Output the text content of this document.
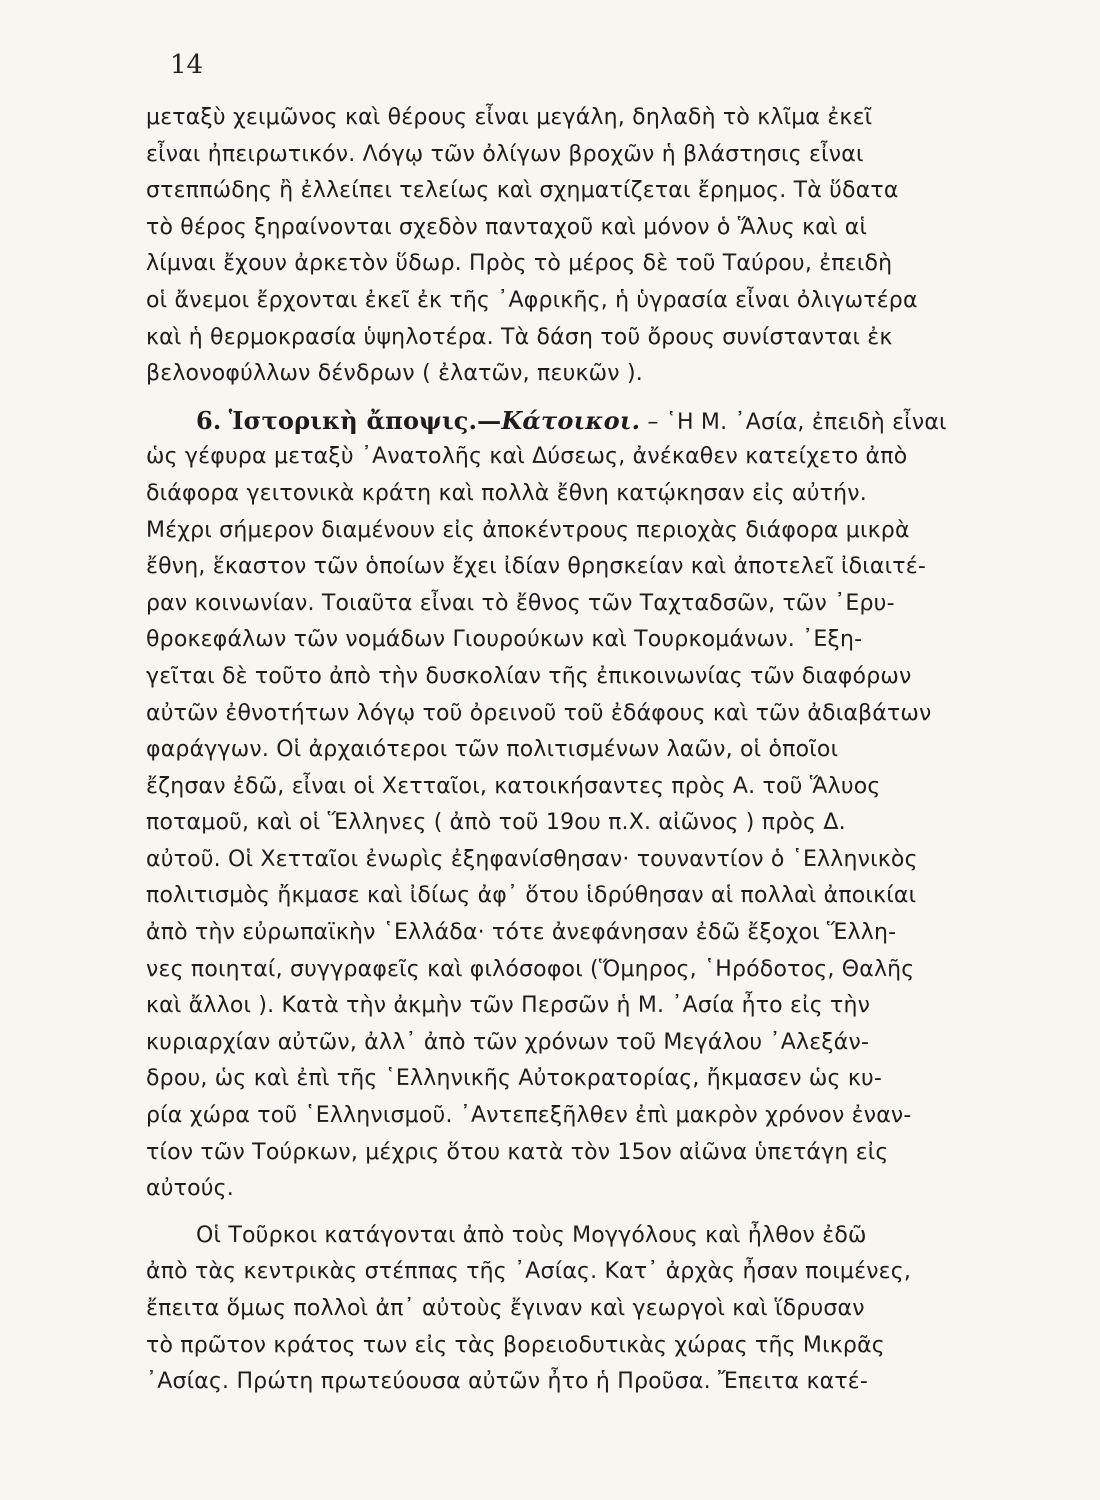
14
μεταξὺ χειμῶνος καὶ θέρους εἶναι μεγάλη, δηλαδὴ τὸ κλῖμα ἐκεῖ
εἶναι ἠπειρωτικόν. Λόγῳ τῶν ὀλίγων βροχῶν ἡ βλάστησις εἶναι
στεππώδης ἢ ἐλλείπει τελείως καὶ σχηματίζεται ἔρημος. Τὰ ὕδατα
τὸ θέρος ξηραίνονται σχεδὸν πανταχοῦ καὶ μόνον ὁ Ἅλυς καὶ αἱ
λίμναι ἔχουν ἀρκετὸν ὕδωρ. Πρὸς τὸ μέρος δὲ τοῦ Ταύρου, ἐπειδὴ
οἱ ἄνεμοι ἔρχονται ἐκεῖ ἐκ τῆς ᾿Αφρικῆς, ἡ ὑγρασία εἶναι ὀλιγωτέρα
καὶ ἡ θερμοκρασία ὑψηλοτέρα. Τὰ δάση τοῦ ὄρους συνίστανται ἐκ
βελονοφύλλων δένδρων ( ἐλατῶν, πευκῶν ).
6. Ἱστορικὴ ἄποψις.—Κάτοικοι. – ῾Η Μ. ᾿Ασία, ἐπειδὴ εἶναι
ὡς γέφυρα μεταξὺ ᾿Ανατολῆς καὶ Δύσεως, ἀνέκαθεν κατείχετο ἀπὸ
διάφορα γειτονικὰ κράτη καὶ πολλὰ ἔθνη κατῴκησαν εἰς αὐτήν.
Μέχρι σήμερον διαμένουν εἰς ἀποκέντρους περιοχὰς διάφορα μικρὰ
ἔθνη, ἕκαστον τῶν ὁποίων ἔχει ἰδίαν θρησκείαν καὶ ἀποτελεῖ ἰδιαιτέ-
ραν κοινωνίαν. Τοιαῦτα εἶναι τὸ ἔθνος τῶν Ταχταδσῶν, τῶν ᾿Ερυ-
θροκεφάλων τῶν νομάδων Γιουρούκων καὶ Τουρκομάνων. ᾿Εξη-
γεῖται δὲ τοῦτο ἀπὸ τὴν δυσκολίαν τῆς ἐπικοινωνίας τῶν διαφόρων
αὐτῶν ἐθνοτήτων λόγῳ τοῦ ὀρεινοῦ τοῦ ἐδάφους καὶ τῶν ἀδιαβάτων
φαράγγων. Οἱ ἀρχαιότεροι τῶν πολιτισμένων λαῶν, οἱ ὁποῖοι
ἔζησαν ἐδῶ, εἶναι οἱ Χετταῖοι, κατοικήσαντες πρὸς Α. τοῦ Ἅλυος
ποταμοῦ, καὶ οἱ Ἕλληνες ( ἀπὸ τοῦ 19ου π.Χ. αἰῶνος ) πρὸς Δ.
αὐτοῦ. Οἱ Χετταῖοι ἐνωρὶς ἐξηφανίσθησαν· τουναντίον ὁ ῾Ελληνικὸς
πολιτισμὸς ἤκμασε καὶ ἰδίως ἀφ᾿ ὅτου ἱδρύθησαν αἱ πολλαὶ ἀποικίαι
ἀπὸ τὴν εὐρωπαϊκὴν ῾Ελλάδα· τότε ἀνεφάνησαν ἐδῶ ἔξοχοι Ἕλλη-
νες ποιηταί, συγγραφεῖς καὶ φιλόσοφοι (Ὅμηρος, ῾Ηρόδοτος, Θαλῆς
καὶ ἄλλοι ). Κατὰ τὴν ἀκμὴν τῶν Περσῶν ἡ Μ. ᾿Ασία ἦτο εἰς τὴν
κυριαρχίαν αὐτῶν, ἀλλ᾿ ἀπὸ τῶν χρόνων τοῦ Μεγάλου ᾿Αλεξάν-
δρου, ὡς καὶ ἐπὶ τῆς ῾Ελληνικῆς Αὐτοκρατορίας, ἤκμασεν ὡς κυ-
ρία χώρα τοῦ ῾Ελληνισμοῦ. ᾿Αντεπεξῆλθεν ἐπὶ μακρὸν χρόνον ἐναν-
τίον τῶν Τούρκων, μέχρις ὅτου κατὰ τὸν 15ον αἰῶνα ὑπετάγη εἰς
αὐτούς.
Οἱ Τοῦρκοι κατάγονται ἀπὸ τοὺς Μογγόλους καὶ ἦλθον ἐδῶ
ἀπὸ τὰς κεντρικὰς στέππας τῆς ᾿Ασίας. Κατ᾿ ἀρχὰς ἦσαν ποιμένες,
ἔπειτα ὅμως πολλοὶ ἀπ᾿ αὐτοὺς ἔγιναν καὶ γεωργοὶ καὶ ἵδρυσαν
τὸ πρῶτον κράτος των εἰς τὰς βορειοδυτικὰς χώρας τῆς Μικρᾶς
᾿Ασίας. Πρώτη πρωτεύουσα αὐτῶν ἦτο ἡ Προῦσα. Ἔπειτα κατέ-
